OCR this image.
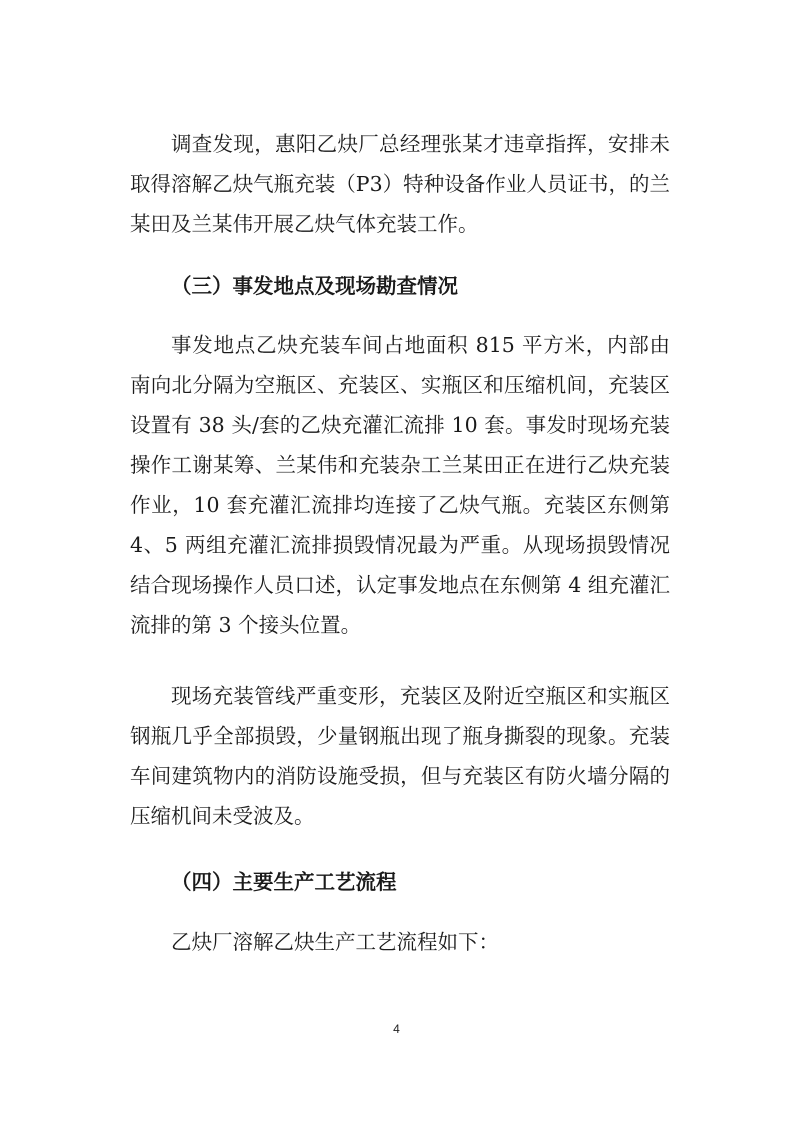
调查发现，惠阳乙炔厂总经理张某才违章指挥，安排未取得溶解乙炔气瓶充装（P3）特种设备作业人员证书，的兰某田及兰某伟开展乙炔气体充装工作。

（三）事发地点及现场勘查情况

事发地点乙炔充装车间占地面积 815 平方米，内部由南向北分隔为空瓶区、充装区、实瓶区和压缩机间，充装区设置有 38 头/套的乙炔充灌汇流排 10 套。事发时现场充装操作工谢某筹、兰某伟和充装杂工兰某田正在进行乙炔充装作业，10 套充灌汇流排均连接了乙炔气瓶。充装区东侧第 4、5 两组充灌汇流排损毁情况最为严重。从现场损毁情况结合现场操作人员口述，认定事发地点在东侧第 4 组充灌汇流排的第 3 个接头位置。

现场充装管线严重变形，充装区及附近空瓶区和实瓶区钢瓶几乎全部损毁，少量钢瓶出现了瓶身撕裂的现象。充装车间建筑物内的消防设施受损，但与充装区有防火墙分隔的压缩机间未受波及。

（四）主要生产工艺流程

乙炔厂溶解乙炔生产工艺流程如下：

4
